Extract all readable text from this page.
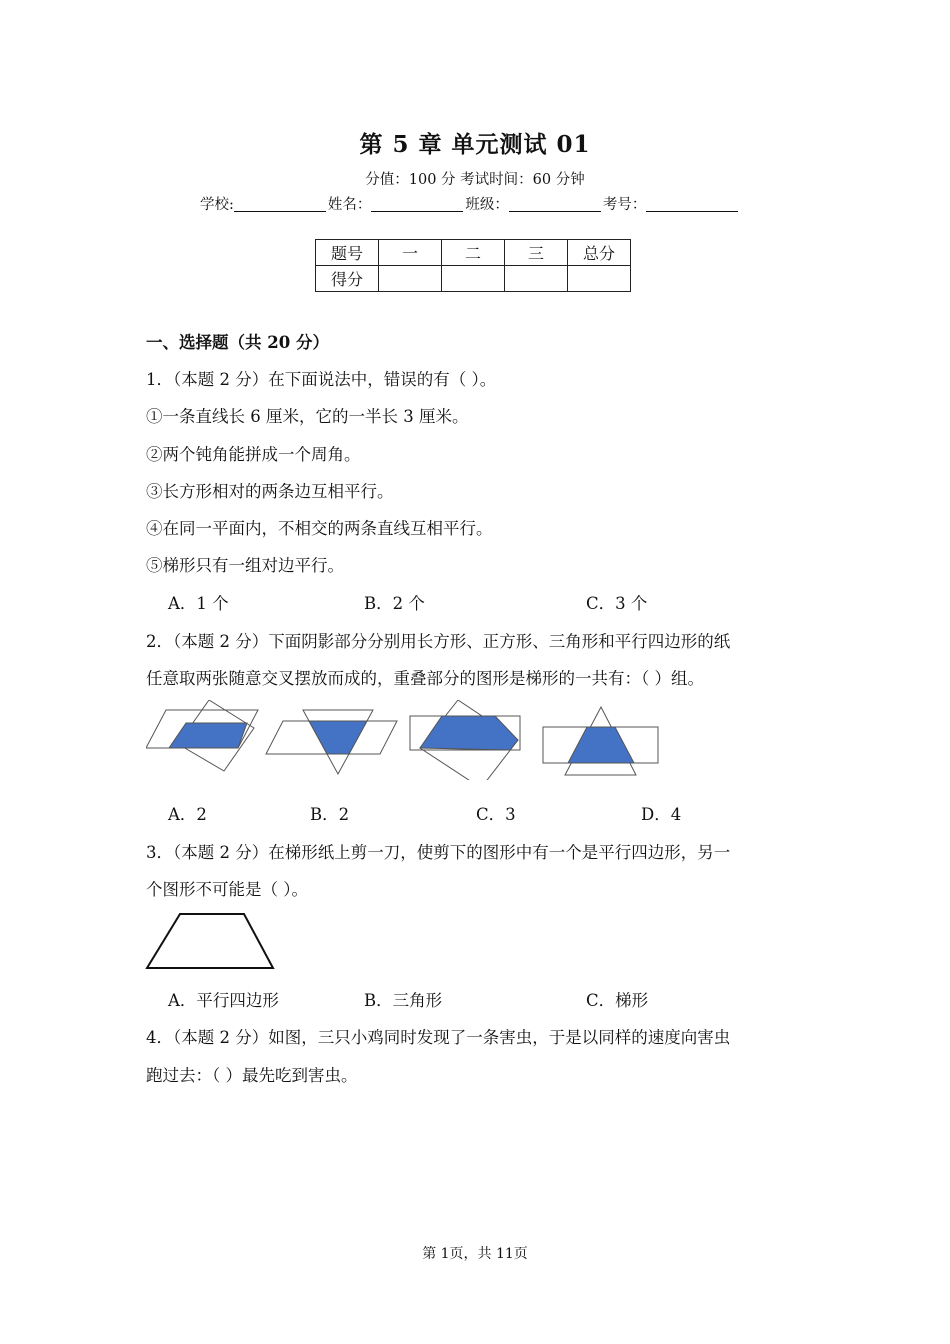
第 5 章 单元测试 01
分值：100 分 考试时间：60 分钟
学校:	姓名：	班级：	考号：
题号	一	二	三	总分
得分				
一、选择题（共 20 分）
1．（本题 2 分）在下面说法中，错误的有（ ）。
①一条直线长 6 厘米，它的一半长 3 厘米。
②两个钝角能拼成一个周角。
③长方形相对的两条边互相平行。
④在同一平面内，不相交的两条直线互相平行。
⑤梯形只有一组对边平行。
A．1 个	B．2 个	C．3 个
2．（本题 2 分）下面阴影部分分别用长方形、正方形、三角形和平行四边形的纸
任意取两张随意交叉摆放而成的，重叠部分的图形是梯形的一共有：（ ）组。
A．2	B．2	C．3	D．4
3．（本题 2 分）在梯形纸上剪一刀，使剪下的图形中有一个是平行四边形，另一
个图形不可能是（ ）。
A．平行四边形	B．三角形	C．梯形
4．（本题 2 分）如图，三只小鸡同时发现了一条害虫，于是以同样的速度向害虫
跑过去：（ ）最先吃到害虫。
第 1页，共 11页
